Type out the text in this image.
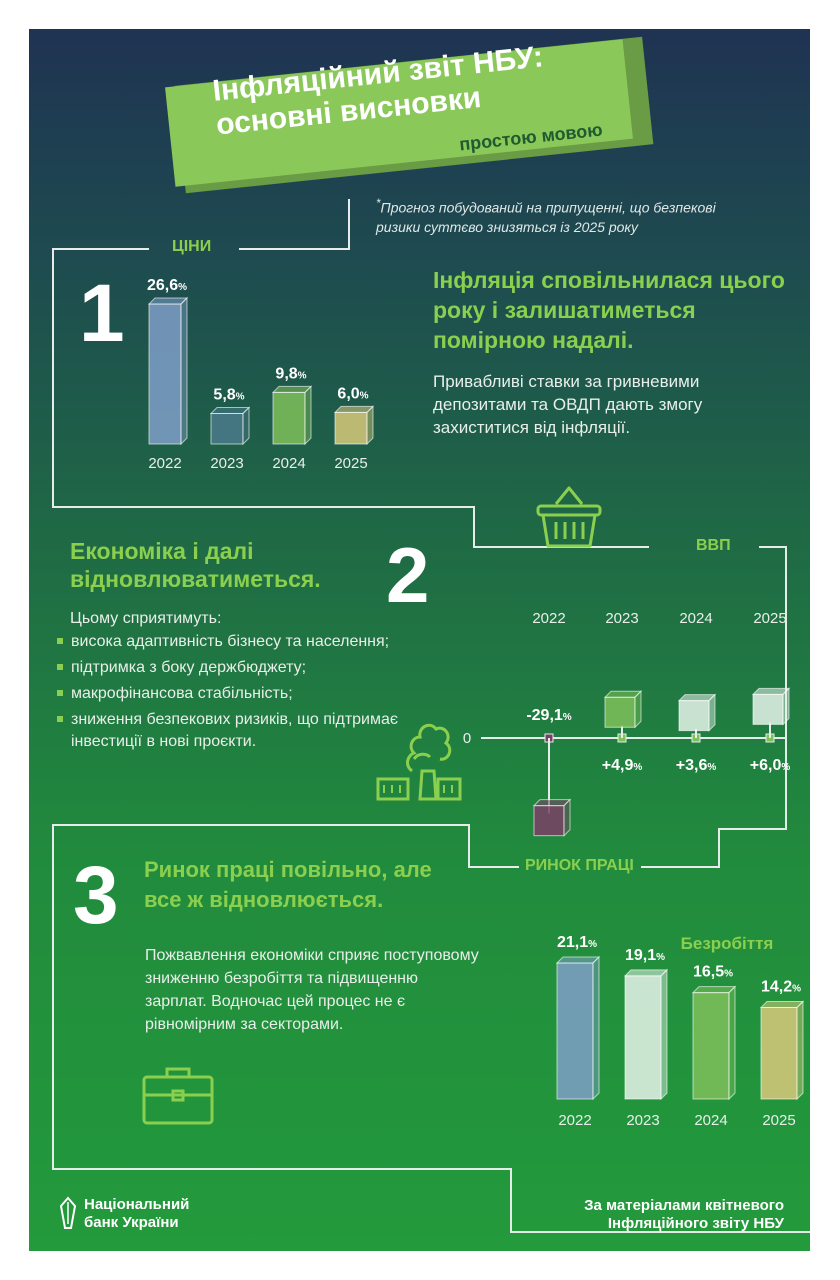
Інфляційний звіт НБУ: основні висновки
простою мовою
*Прогноз побудований на припущенні, що безпекові ризики суттєво знизяться із 2025 року
ЦІНИ
1 26,6%
2022
5,8%
2023
9,8%
2024
6,0%
2025
Інфляція сповільнилася цього року і залишатиметься помірною надалі.
Привабливі ставки за гривневими депозитами та ОВДП дають змогу захиститися від інфляції.
Економіка і далі відновлюватиметься. 2	ВВП
Цьому сприятимуть:
висока адаптивність бізнесу та населення;
підтримка з боку держбюджету;
макрофінансова стабільність;
зниження безпекових ризиків, що підтримає інвестиції в нові проєкти.	0
2022
-29,1%
2023
+4,9%
2024
+3,6%
2025
+6,0%
РИНОК ПРАЦІ
3 Ринок праці повільно, але все ж відновлюється.
Пожвавлення економіки сприяє поступовому зниженню безробіття та підвищенню зарплат. Водночас цей процес не є рівномірним за секторами.
Безробіття
21,1%
2022
19,1%
2023
16,5%
2024
14,2%
2025
Національний
банк України
За матеріалами квітневого Інфляційного звіту НБУ
